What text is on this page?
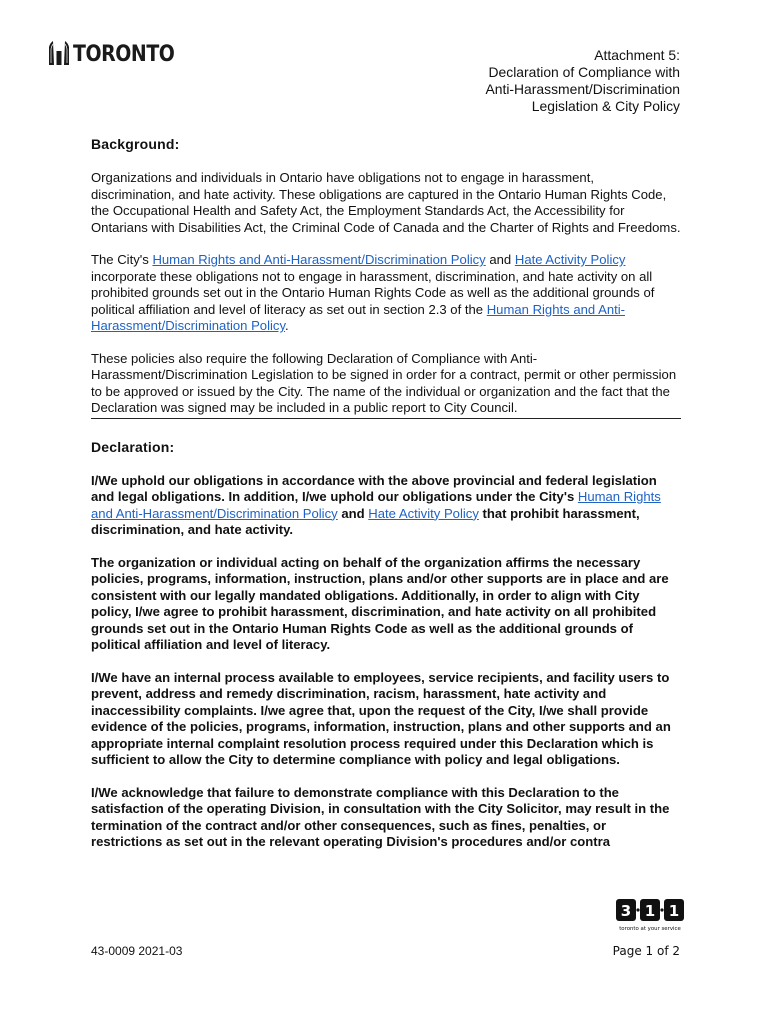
TORONTO	Attachment 5:
Declaration of Compliance with
Anti-Harassment/Discrimination
Legislation & City Policy
Background:

Organizations and individuals in Ontario have obligations not to engage in harassment, discrimination, and hate activity. These obligations are captured in the Ontario Human Rights Code, the Occupational Health and Safety Act, the Employment Standards Act, the Accessibility for Ontarians with Disabilities Act, the Criminal Code of Canada and the Charter of Rights and Freedoms.

The City's Human Rights and Anti-Harassment/Discrimination Policy and Hate Activity Policy incorporate these obligations not to engage in harassment, discrimination, and hate activity on all prohibited grounds set out in the Ontario Human Rights Code as well as the additional grounds of political affiliation and level of literacy as set out in section 2.3 of the Human Rights and Anti-Harassment/Discrimination Policy.

These policies also require the following Declaration of Compliance with Anti-Harassment/Discrimination Legislation to be signed in order for a contract, permit or other permission to be approved or issued by the City. The name of the individual or organization and the fact that the Declaration was signed may be included in a public report to City Council.

Declaration:

I/We uphold our obligations in accordance with the above provincial and federal legislation and legal obligations. In addition, I/we uphold our obligations under the City's Human Rights and Anti-Harassment/Discrimination Policy and Hate Activity Policy that prohibit harassment, discrimination, and hate activity.

The organization or individual acting on behalf of the organization affirms the necessary policies, programs, information, instruction, plans and/or other supports are in place and are consistent with our legally mandated obligations. Additionally, in order to align with City policy, I/we agree to prohibit harassment, discrimination, and hate activity on all prohibited grounds set out in the Ontario Human Rights Code as well as the additional grounds of political affiliation and level of literacy.

I/We have an internal process available to employees, service recipients, and facility users to prevent, address and remedy discrimination, racism, harassment, hate activity and inaccessibility complaints. I/we agree that, upon the request of the City, I/we shall provide evidence of the policies, programs, information, instruction, plans and other supports and an appropriate internal complaint resolution process required under this Declaration which is sufficient to allow the City to determine compliance with policy and legal obligations.

I/We acknowledge that failure to demonstrate compliance with this Declaration to the satisfaction of the operating Division, in consultation with the City Solicitor, may result in the termination of the contract and/or other consequences, such as fines, penalties, or restrictions as set out in the relevant operating Division's procedures and/or contra

3 1 1
toronto at your service
43-0009 2021-03	Page 1 of 2
